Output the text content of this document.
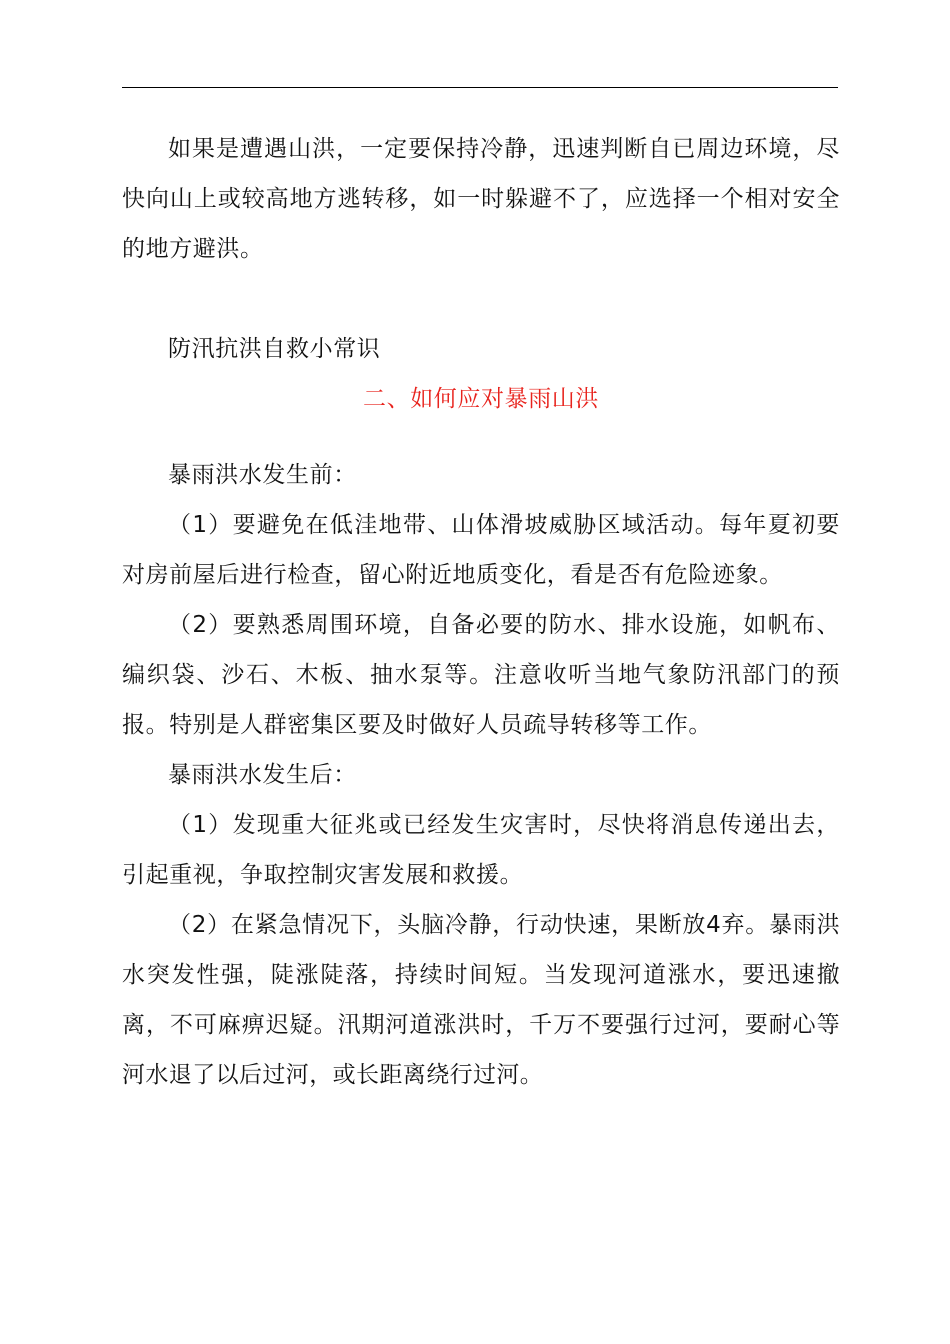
如果是遭遇山洪，一定要保持冷静，迅速判断自已周边环境，尽快向山上或较高地方逃转移，如一时躲避不了，应选择一个相对安全的地方避洪。

防汛抗洪自救小常识

二、如何应对暴雨山洪

暴雨洪水发生前：

（1）要避免在低洼地带、山体滑坡威胁区域活动。每年夏初要对房前屋后进行检查，留心附近地质变化，看是否有危险迹象。

（2）要熟悉周围环境，自备必要的防水、排水设施，如帆布、编织袋、沙石、木板、抽水泵等。注意收听当地气象防汛部门的预报。特别是人群密集区要及时做好人员疏导转移等工作。

暴雨洪水发生后：

（1）发现重大征兆或已经发生灾害时，尽快将消息传递出去，引起重视，争取控制灾害发展和救援。

（2）在紧急情况下，头脑冷静，行动快速，果断放4弃。暴雨洪水突发性强，陡涨陡落，持续时间短。当发现河道涨水，要迅速撤离，不可麻痹迟疑。汛期河道涨洪时，千万不要强行过河，要耐心等河水退了以后过河，或长距离绕行过河。
